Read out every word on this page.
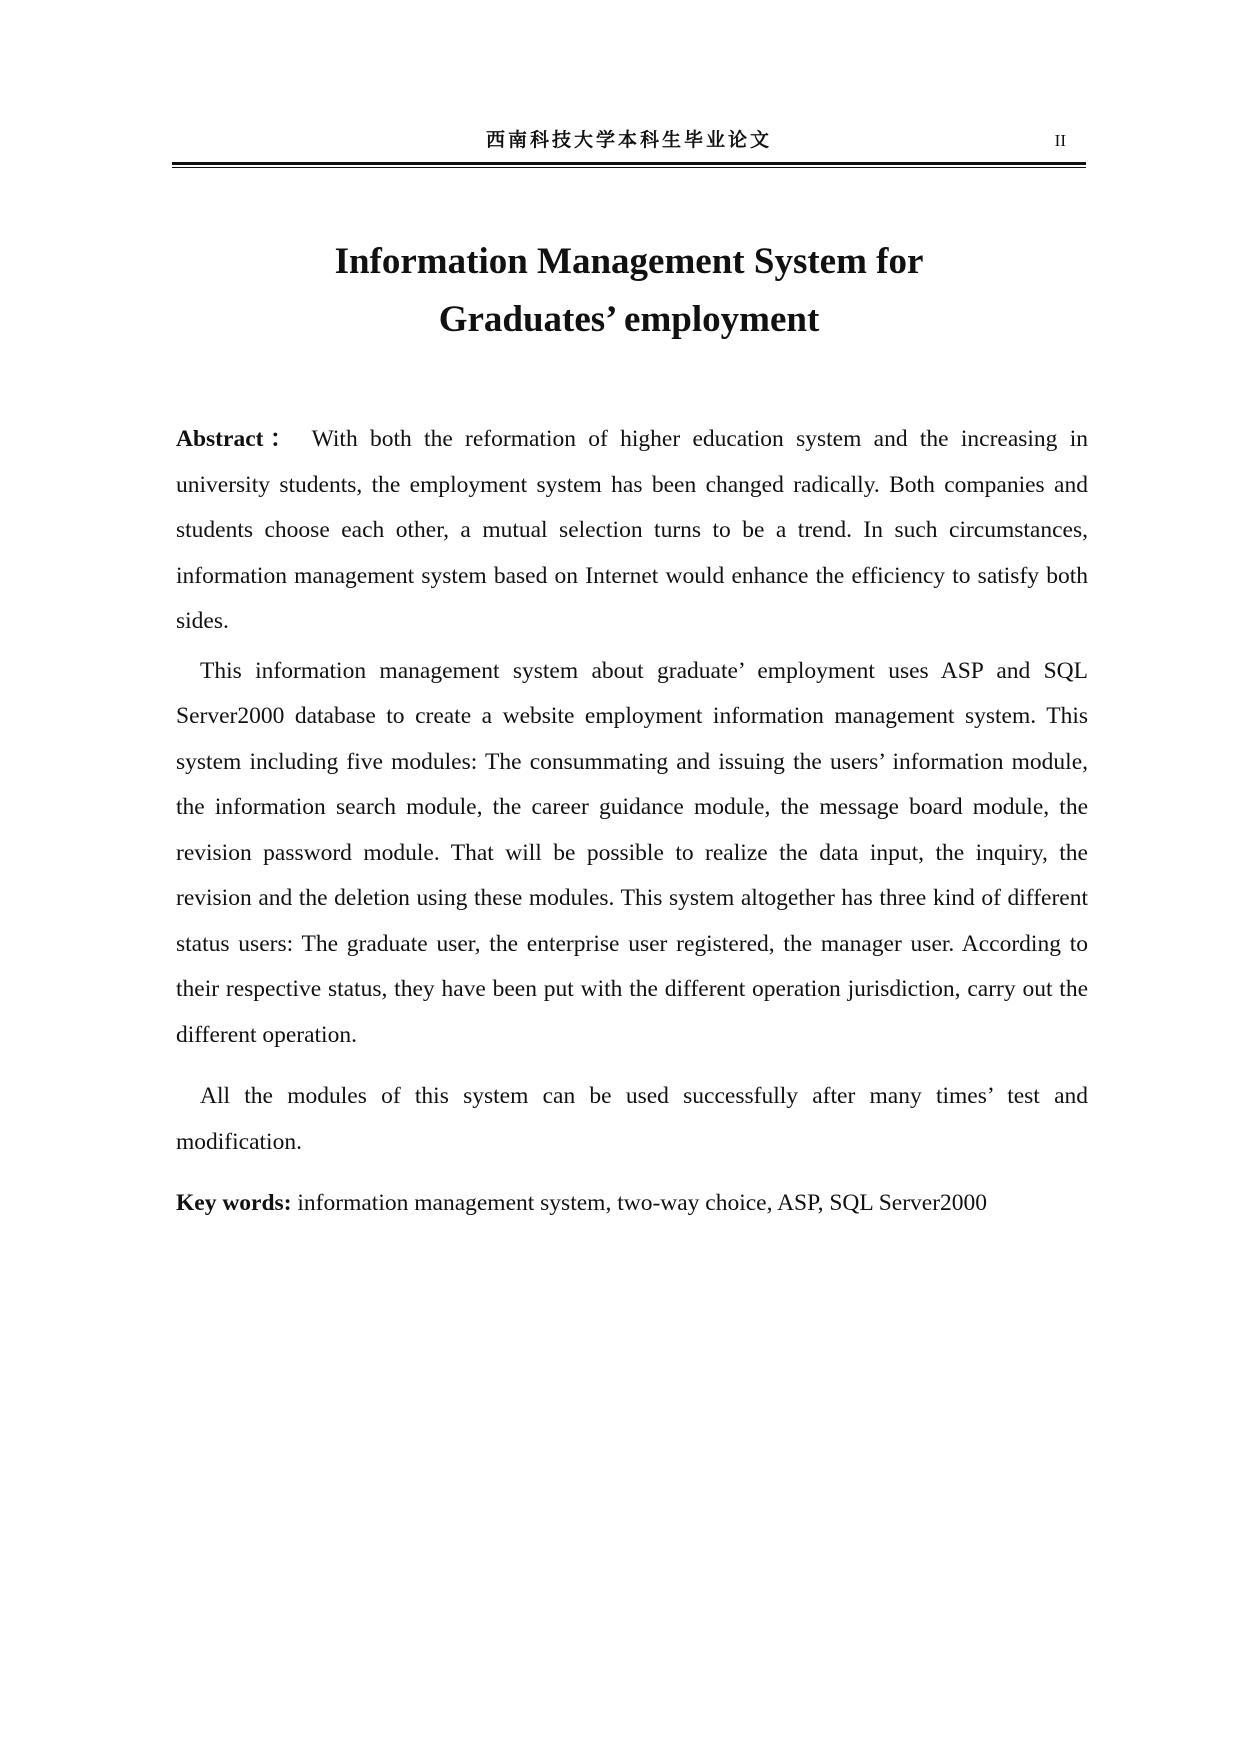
西南科技大学本科生毕业论文	II
Information Management System for
Graduates’ employment

Abstract： With both the reformation of higher education system and the increasing in university students, the employment system has been changed radically. Both companies and students choose each other, a mutual selection turns to be a trend. In such circumstances, information management system based on Internet would enhance the efficiency to satisfy both sides.

This information management system about graduate’ employment uses ASP and SQL Server2000 database to create a website employment information management system. This system including five modules: The consummating and issuing the users’ information module, the information search module, the career guidance module, the message board module, the revision password module. That will be possible to realize the data input, the inquiry, the revision and the deletion using these modules. This system altogether has three kind of different status users: The graduate user, the enterprise user registered, the manager user. According to their respective status, they have been put with the different operation jurisdiction, carry out the different operation.

All the modules of this system can be used successfully after many times’ test and modification.

Key words: information management system, two-way choice, ASP, SQL Server2000
